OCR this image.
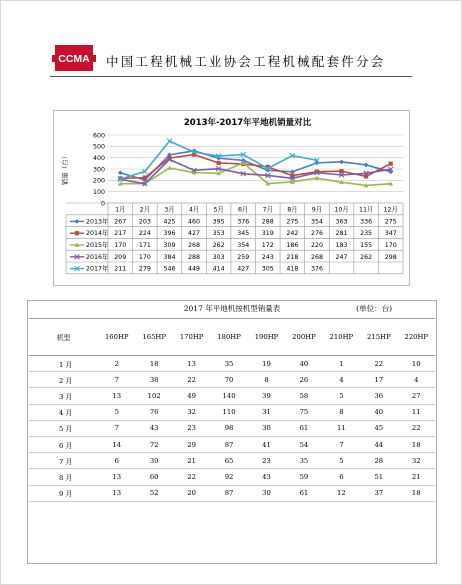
CCMA 中国工程机械工业协会工程机械配套件分会
2013年-2017年平地机销量对比
0
100
200
300
400
500
600
销量（台）
1月 2月 3月 4月 5月 6月 7月 8月 9月 10月 11月 12月
2013年 267 203 425 460 395 376 288 275 354 363 336 275
2014年 217 224 396 427 353 345 319 242 276 281 235 347
2015年 170 171 309 268 262 354 172 186 220 183 155 170
2016年 209 170 384 288 303 259 243 218 268 247 262 298
2017年 211 279 546 449 414 427 305 418 376
2017 年平地机按机型销量表	(单位：台)
机型	160HP	165HP	170HP	180HP	190HP	200HP	210HP	215HP	220HP
1 月	2	18	13	35	19	40	1	22	10
2 月	7	38	22	70	8	26	4	17	4
3 月	13	102	49	140	39	58	5	36	27
4 月	5	76	32	110	31	75	8	40	11
5 月	7	43	23	98	30	61	11	45	22
6 月	14	72	29	87	41	54	7	44	18
7 月	6	39	21	65	23	35	5	28	32
8 月	13	60	22	92	43	59	6	51	21
9 月	13	52	20	87	30	61	12	37	18
